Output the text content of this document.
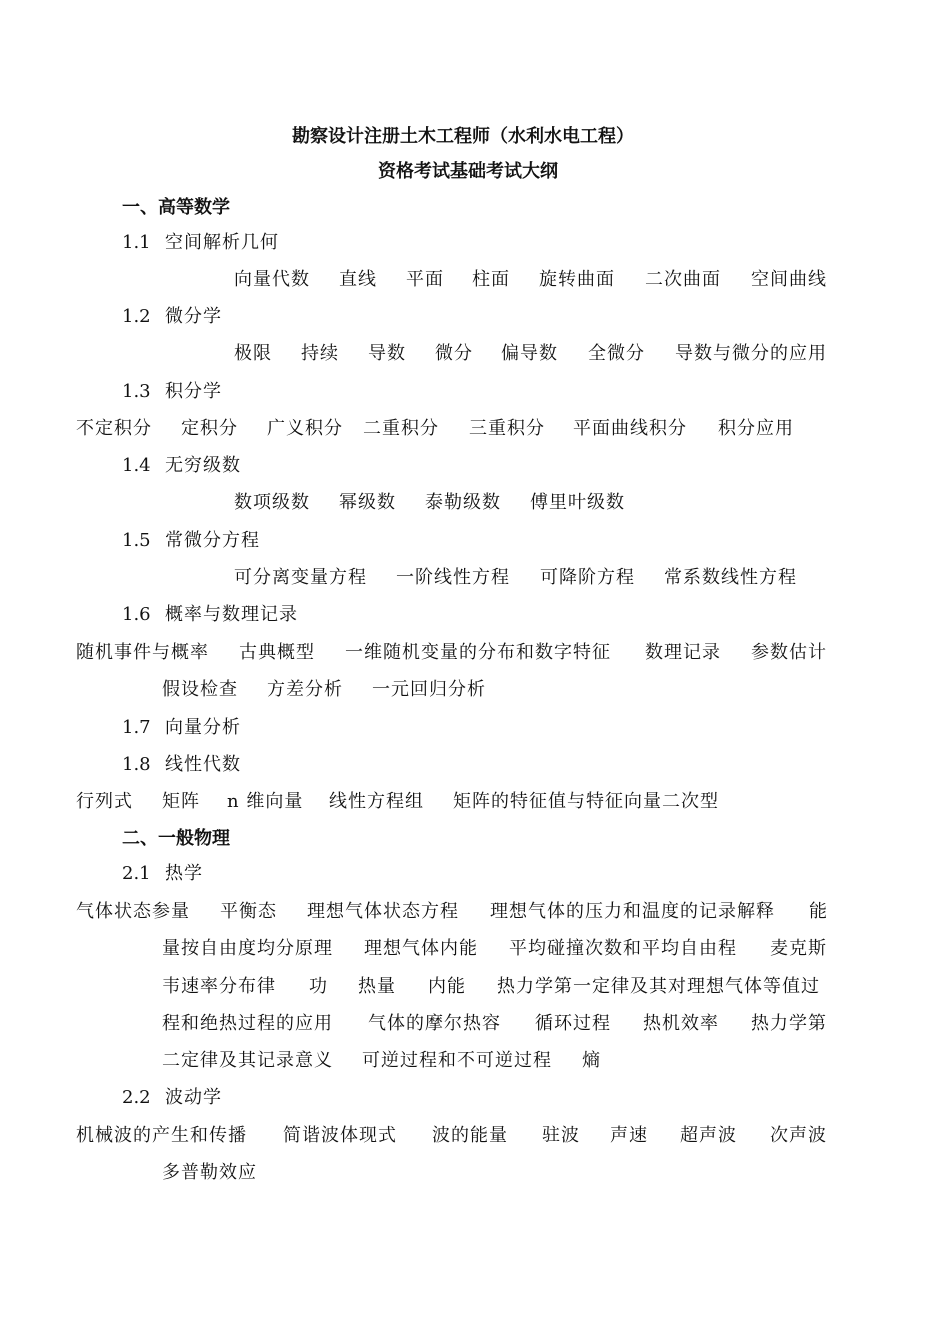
勘察设计注册土木工程师（水利水电工程）
资格考试基础考试大纲
一、高等数学
1.1 空间解析几何
向量代数 直线 平面 柱面 旋转曲面 二次曲面 空间曲线
1.2 微分学
极限 持续 导数 微分 偏导数 全微分 导数与微分的应用
1.3 积分学
不定积分 定积分 广义积分 二重积分 三重积分 平面曲线积分 积分应用
1.4 无穷级数
数项级数 幂级数 泰勒级数 傅里叶级数
1.5 常微分方程
可分离变量方程 一阶线性方程 可降阶方程 常系数线性方程
1.6 概率与数理记录
随机事件与概率 古典概型 一维随机变量的分布和数字特征 数理记录 参数估计
假设检查 方差分析 一元回归分析
1.7 向量分析
1.8 线性代数
行列式 矩阵 n 维向量 线性方程组 矩阵的特征值与特征向量二次型
二、一般物理
2.1 热学
气体状态参量 平衡态 理想气体状态方程 理想气体的压力和温度的记录解释 能
量按自由度均分原理 理想气体内能 平均碰撞次数和平均自由程 麦克斯
韦速率分布律 功 热量 内能 热力学第一定律及其对理想气体等值过
程和绝热过程的应用 气体的摩尔热容 循环过程 热机效率 热力学第
二定律及其记录意义 可逆过程和不可逆过程 熵
2.2 波动学
机械波的产生和传播 简谐波体现式 波的能量 驻波 声速 超声波 次声波
多普勒效应
